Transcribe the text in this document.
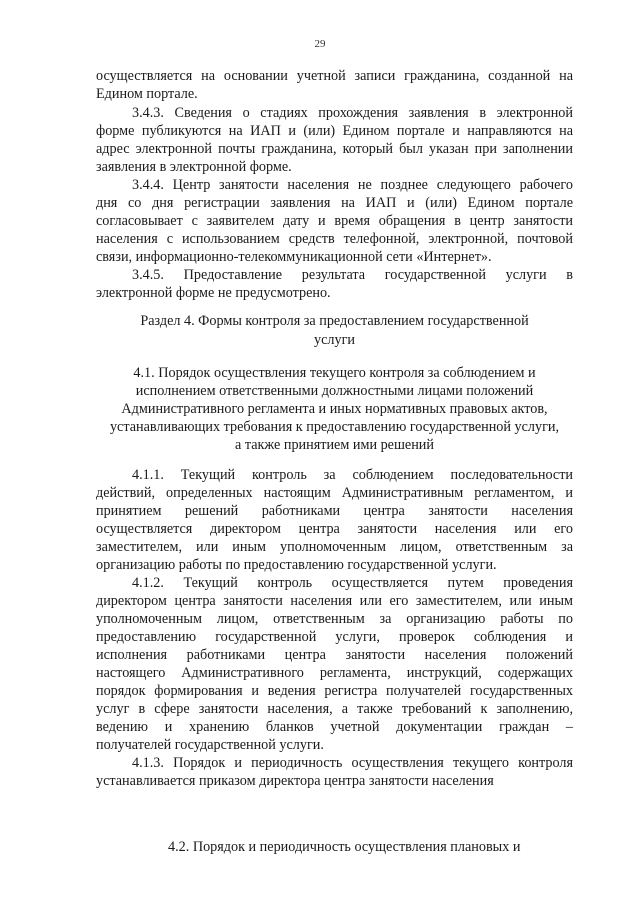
29
осуществляется на основании учетной записи гражданина, созданной на
Едином портале.
3.4.3. Сведения о стадиях прохождения заявления в электронной
форме публикуются на ИАП и (или) Едином портале и направляются на
адрес электронной почты гражданина, который был указан при заполнении
заявления в электронной форме.
3.4.4. Центр занятости населения не позднее следующего рабочего
дня со дня регистрации заявления на ИАП и (или) Едином портале
согласовывает с заявителем дату и время обращения в центр занятости
населения с использованием средств телефонной, электронной, почтовой
связи, информационно-телекоммуникационной сети «Интернет».
3.4.5. Предоставление результата государственной услуги в
электронной форме не предусмотрено.
Раздел 4. Формы контроля за предоставлением государственной
услуги
4.1. Порядок осуществления текущего контроля за соблюдением и
исполнением ответственными должностными лицами положений
Административного регламента и иных нормативных правовых актов,
устанавливающих требования к предоставлению государственной услуги,
а также принятием ими решений
4.1.1. Текущий контроль за соблюдением последовательности
действий, определенных настоящим Административным регламентом, и
принятием решений работниками центра занятости населения
осуществляется директором центра занятости населения или его
заместителем, или иным уполномоченным лицом, ответственным за
организацию работы по предоставлению государственной услуги.
4.1.2. Текущий контроль осуществляется путем проведения
директором центра занятости населения или его заместителем, или иным
уполномоченным лицом, ответственным за организацию работы по
предоставлению государственной услуги, проверок соблюдения и
исполнения работниками центра занятости населения положений
настоящего Административного регламента, инструкций, содержащих
порядок формирования и ведения регистра получателей государственных
услуг в сфере занятости населения, а также требований к заполнению,
ведению и хранению бланков учетной документации граждан –
получателей государственной услуги.
4.1.3. Порядок и периодичность осуществления текущего контроля
устанавливается приказом директора центра занятости населения
4.2. Порядок и периодичность осуществления плановых и
